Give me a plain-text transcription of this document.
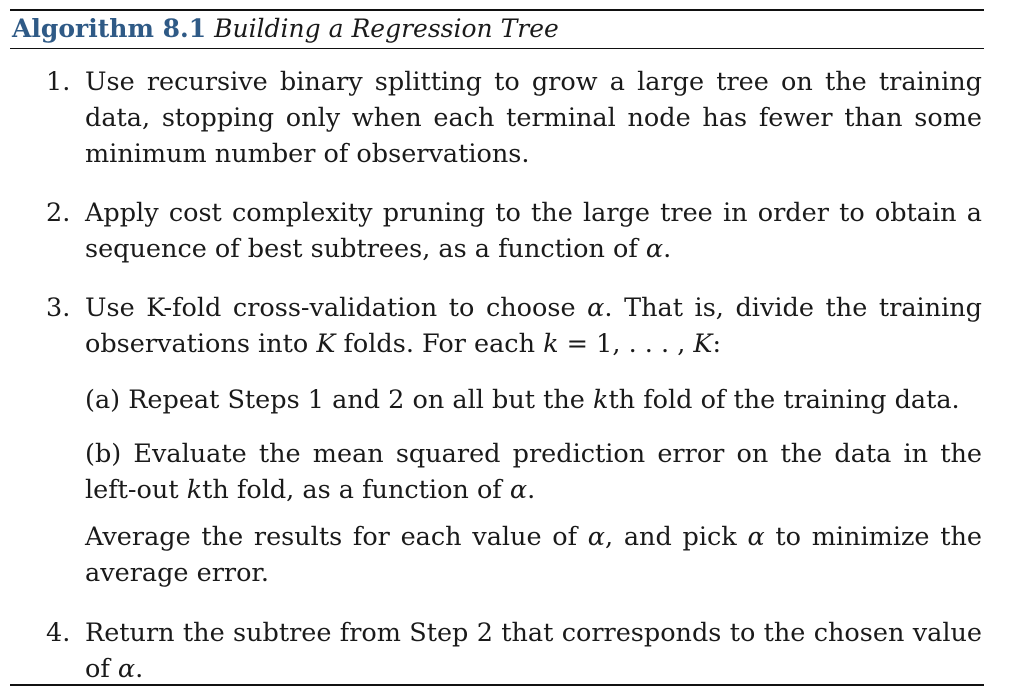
Algorithm 8.1 Building a Regression Tree
1. Use recursive binary splitting to grow a large tree on the training data, stopping only when each terminal node has fewer than some minimum number of observations.
2. Apply cost complexity pruning to the large tree in order to obtain a sequence of best subtrees, as a function of α.
3. Use K-fold cross-validation to choose α. That is, divide the training observations into K folds. For each k = 1, . . . , K:
(a) Repeat Steps 1 and 2 on all but the kth fold of the training data.
(b) Evaluate the mean squared prediction error on the data in the left-out kth fold, as a function of α.
Average the results for each value of α, and pick α to minimize the average error.
4. Return the subtree from Step 2 that corresponds to the chosen value of α.
